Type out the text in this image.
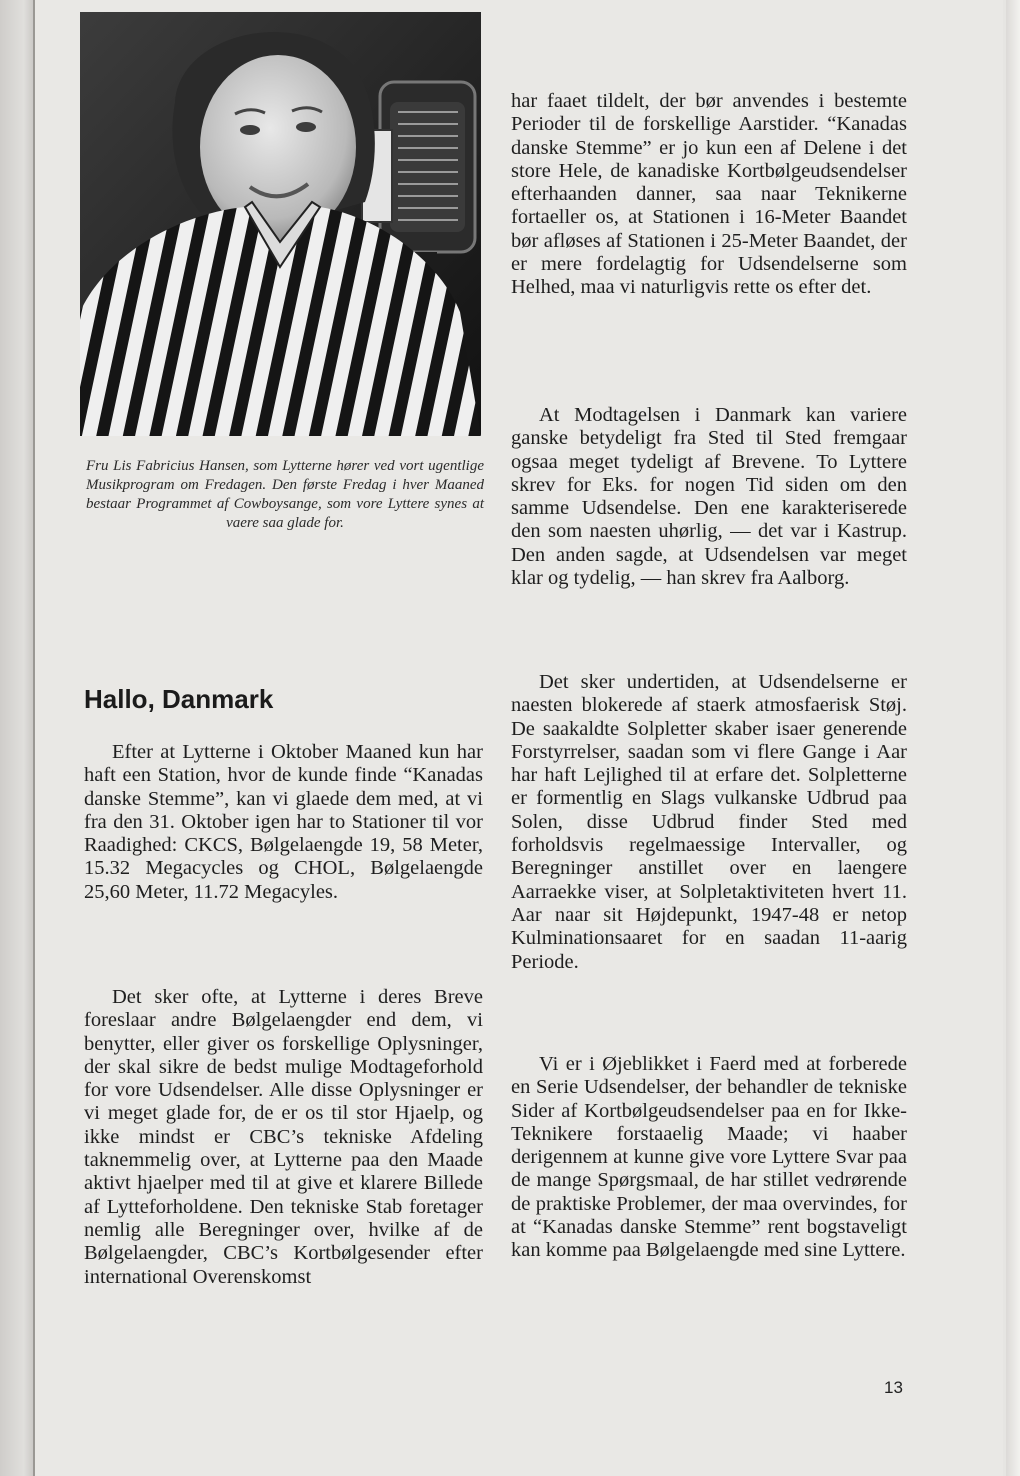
Fru Lis Fabricius Hansen, som Lytterne hører ved vort ugentlige Musikprogram om Fredagen. Den første Fredag i hver Maaned bestaar Programmet af Cowboysange, som vore Lyttere synes at vaere saa glade for.
Hallo, Danmark

Efter at Lytterne i Oktober Maaned kun har haft een Station, hvor de kunde finde “Kanadas danske Stemme”, kan vi glaede dem med, at vi fra den 31. Oktober igen har to Stationer til vor Raadighed: CKCS, Bølgelaengde 19, 58 Meter, 15.32 Megacycles og CHOL, Bølgelaengde 25,60 Meter, 11.72 Megacyles.

Det sker ofte, at Lytterne i deres Breve foreslaar andre Bølgelaengder end dem, vi benytter, eller giver os forskellige Oplysninger, der skal sikre de bedst mulige Modtageforhold for vore Udsendelser. Alle disse Oplysninger er vi meget glade for, de er os til stor Hjaelp, og ikke mindst er CBC’s tekniske Afdeling taknemmelig over, at Lytterne paa den Maade aktivt hjaelper med til at give et klarere Billede af Lytteforholdene. Den tekniske Stab foretager nemlig alle Beregninger over, hvilke af de Bølgelaengder, CBC’s Kortbølgesender efter international Overenskomst

har faaet tildelt, der bør anvendes i bestemte Perioder til de forskellige Aarstider. “Kanadas danske Stemme” er jo kun een af Delene i det store Hele, de kanadiske Kortbølgeudsendelser efterhaanden danner, saa naar Teknikerne fortaeller os, at Stationen i 16-Meter Baandet bør afløses af Stationen i 25-Meter Baandet, der er mere fordelagtig for Udsendelserne som Helhed, maa vi naturligvis rette os efter det.

At Modtagelsen i Danmark kan variere ganske betydeligt fra Sted til Sted fremgaar ogsaa meget tydeligt af Brevene. To Lyttere skrev for Eks. for nogen Tid siden om den samme Udsendelse. Den ene karakteriserede den som naesten uhørlig, — det var i Kastrup. Den anden sagde, at Udsendelsen var meget klar og tydelig, — han skrev fra Aalborg.

Det sker undertiden, at Udsendelserne er naesten blokerede af staerk atmosfaerisk Støj. De saakaldte Solpletter skaber isaer generende Forstyrrelser, saadan som vi flere Gange i Aar har haft Lejlighed til at erfare det. Solpletterne er formentlig en Slags vulkanske Udbrud paa Solen, disse Udbrud finder Sted med forholdsvis regelmaessige Intervaller, og Beregninger anstillet over en laengere Aarraekke viser, at Solpletaktiviteten hvert 11. Aar naar sit Højdepunkt, 1947-48 er netop Kulminationsaaret for en saadan 11-aarig Periode.

Vi er i Øjeblikket i Faerd med at forberede en Serie Udsendelser, der behandler de tekniske Sider af Kortbølgeudsendelser paa en for Ikke-Teknikere forstaaelig Maade; vi haaber derigennem at kunne give vore Lyttere Svar paa de mange Spørgsmaal, de har stillet vedrørende de praktiske Problemer, der maa overvindes, for at “Kanadas danske Stemme” rent bogstaveligt kan komme paa Bølgelaengde med sine Lyttere.

13
